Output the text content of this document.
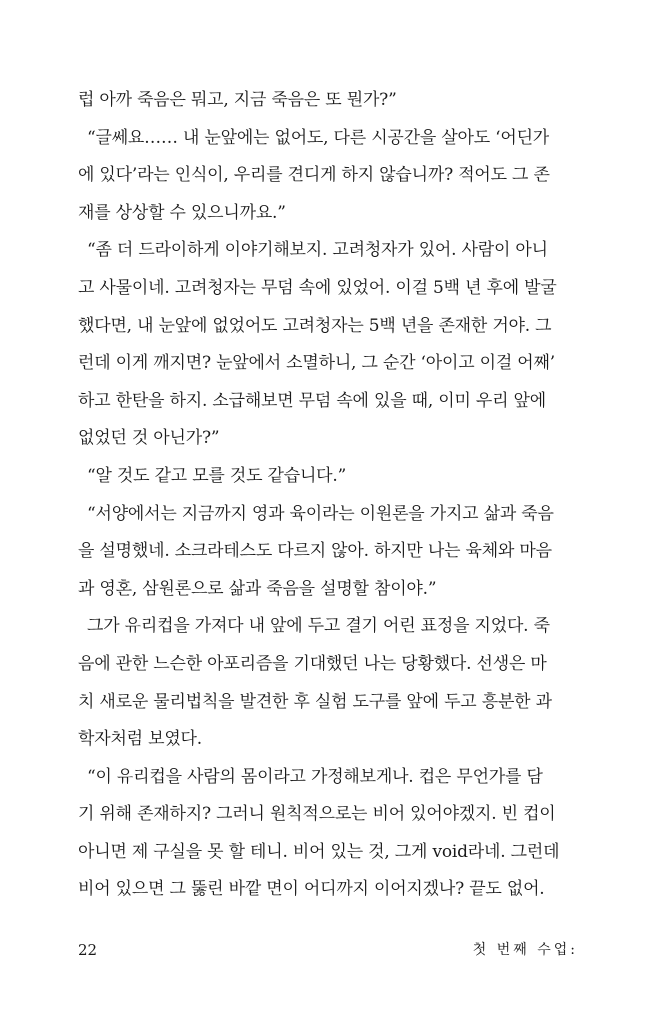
럽 아까 죽음은 뭐고, 지금 죽음은 또 뭔가?”
“글쎄요…… 내 눈앞에는 없어도, 다른 시공간을 살아도 ‘어딘가
에 있다’라는 인식이, 우리를 견디게 하지 않습니까? 적어도 그 존
재를 상상할 수 있으니까요.”
“좀 더 드라이하게 이야기해보지. 고려청자가 있어. 사람이 아니
고 사물이네. 고려청자는 무덤 속에 있었어. 이걸 5백 년 후에 발굴
했다면, 내 눈앞에 없었어도 고려청자는 5백 년을 존재한 거야. 그
런데 이게 깨지면? 눈앞에서 소멸하니, 그 순간 ‘아이고 이걸 어째’
하고 한탄을 하지. 소급해보면 무덤 속에 있을 때, 이미 우리 앞에
없었던 것 아닌가?”
“알 것도 같고 모를 것도 같습니다.”
“서양에서는 지금까지 영과 육이라는 이원론을 가지고 삶과 죽음
을 설명했네. 소크라테스도 다르지 않아. 하지만 나는 육체와 마음
과 영혼, 삼원론으로 삶과 죽음을 설명할 참이야.”
그가 유리컵을 가져다 내 앞에 두고 결기 어린 표정을 지었다. 죽
음에 관한 느슨한 아포리즘을 기대했던 나는 당황했다. 선생은 마
치 새로운 물리법칙을 발견한 후 실험 도구를 앞에 두고 흥분한 과
학자처럼 보였다.
“이 유리컵을 사람의 몸이라고 가정해보게나. 컵은 무언가를 담
기 위해 존재하지? 그러니 원칙적으로는 비어 있어야겠지. 빈 컵이
아니면 제 구실을 못 할 테니. 비어 있는 것, 그게 void라네. 그런데
비어 있으면 그 뚫린 바깥 면이 어디까지 이어지겠나? 끝도 없어.
22	첫 번째 수업:
